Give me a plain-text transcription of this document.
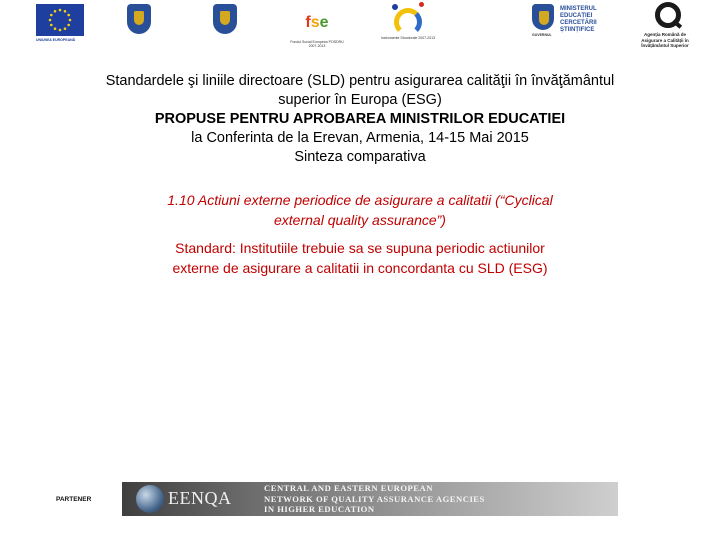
UNIUNEA EUROPEANĂ
fse
Fondul Social European POSDRU 2007-2013
Instrumente Structurale 2007-2013
MINISTERUL EDUCAȚIEI CERCETĂRII ȘTIINȚIFICE
GUVERNUL	Agenția Română de Asigurare a Calității în Învățământul Superior
Standardele şi liniile directoare (SLD) pentru asigurarea calităţii în învăţământul
superior în Europa (ESG)
PROPUSE PENTRU APROBAREA MINISTRILOR EDUCATIEI
la Conferinta de la Erevan, Armenia, 14-15 Mai 2015
Sinteza comparativa
1.10 Actiuni externe periodice de asigurare a calitatii (“Cyclical
external quality assurance”)
Standard: Institutiile trebuie sa se supuna periodic actiunilor
externe de asigurare a calitatii in concordanta cu SLD (ESG)
PARTENER	EENQA	CENTRAL AND EASTERN EUROPEAN
NETWORK OF QUALITY ASSURANCE AGENCIES
IN HIGHER EDUCATION
